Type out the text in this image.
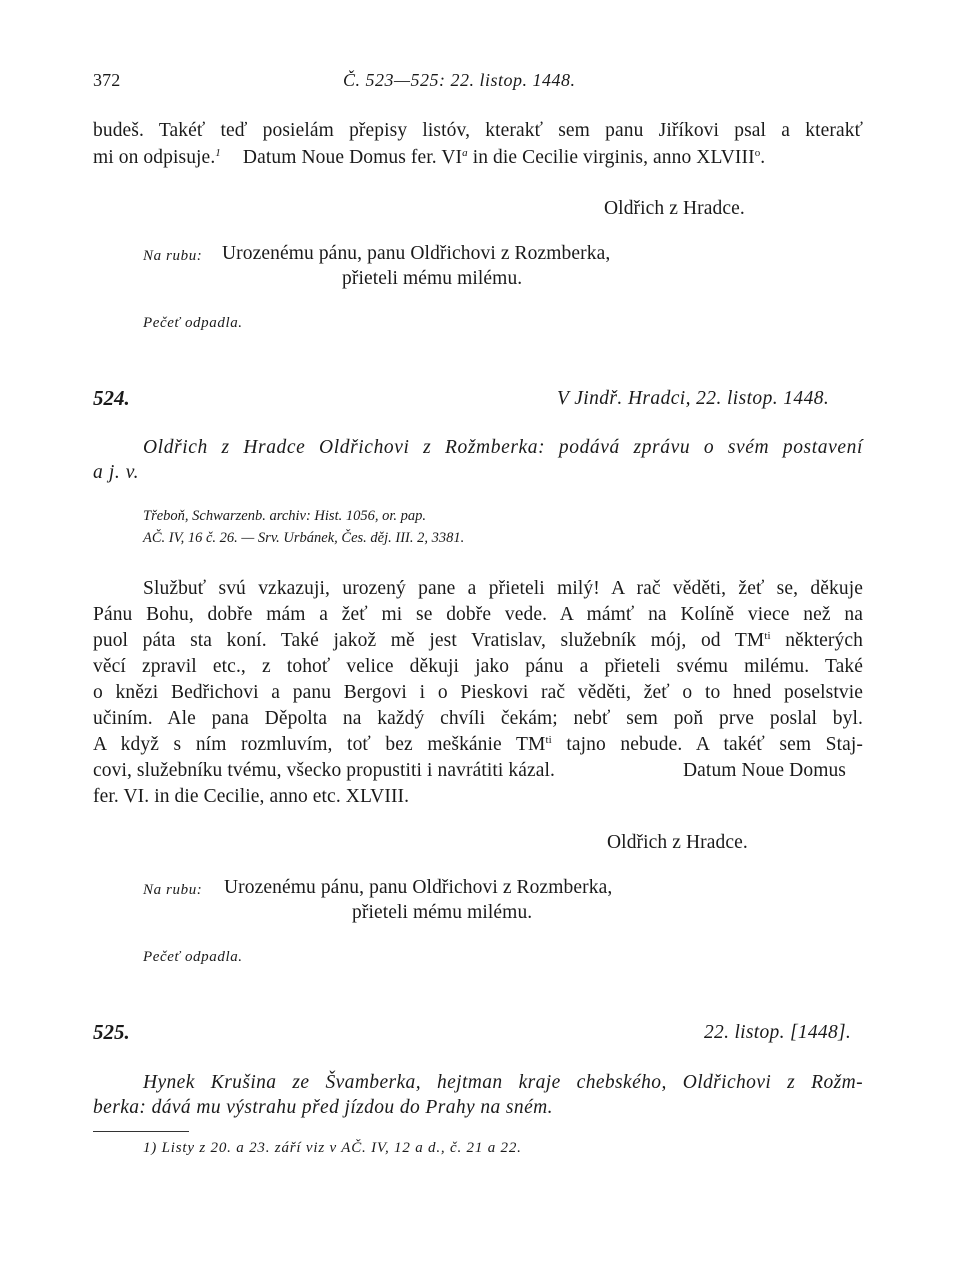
372	Č. 523—525: 22. listop. 1448.
budeš. Takéť teď posielám přepisy listóv, kterakť sem panu Jiříkovi psal a kterakť
mi on odpisuje.$^1$ Datum Noue Domus fer. $VI^a$ in die Cecilie virginis, anno XLVIII$^o$.
Oldřich z Hradce.
Na rubu: Urozenému pánu, panu Oldřichovi z Rozmberka,
přieteli mému milému.
Pečeť odpadla.
524.	V Jindř. Hradci, 22. listop. 1448.
Oldřich z Hradce Oldřichovi z Rožmberka: podává zprávu o svém postavení
a j. v.
Třeboň, Schwarzenb. archiv: Hist. 1056, or. pap.
AČ. IV, 16 č. 26. — Srv. Urbánek, Čes. děj. III. 2, 3381.
Službuť svú vzkazuji, urozený pane a přieteli milý! A rač věděti, žeť se, děkuje
Pánu Bohu, dobře mám a žeť mi se dobře vede. A mámť na Kolíně viece než na
puol páta sta koní. Také jakož mě jest Vratislav, služebník mój, od $TM^{ti}$ některých
věcí zpravil etc., z tohoť velice děkuji jako pánu a přieteli svému milému. Také
o knězi Bedřichovi a panu Bergovi i o Pieskovi rač věděti, žeť o to hned poselstvie
učiním. Ale pana Děpolta na každý chvíli čekám; nebť sem poň prve poslal byl.
A když s ním rozmluvím, toť bez meškánie $TM^{ti}$ tajno nebude. A takéť sem Staj-
covi, služebníku tvému, všecko propustiti i navrátiti kázal.	Datum Noue Domus
fer. VI. in die Cecilie, anno etc. XLVIII.
Oldřich z Hradce.
Na rubu: Urozenému pánu, panu Oldřichovi z Rozmberka,
přieteli mému milému.
Pečeť odpadla.
525.	22. listop. [1448].
Hynek Krušina ze Švamberka, hejtman kraje chebského, Oldřichovi z Rožm-
berka: dává mu výstrahu před jízdou do Prahy na sném.
1) Listy z 20. a 23. září viz v AČ. IV, 12 a d., č. 21 a 22.
